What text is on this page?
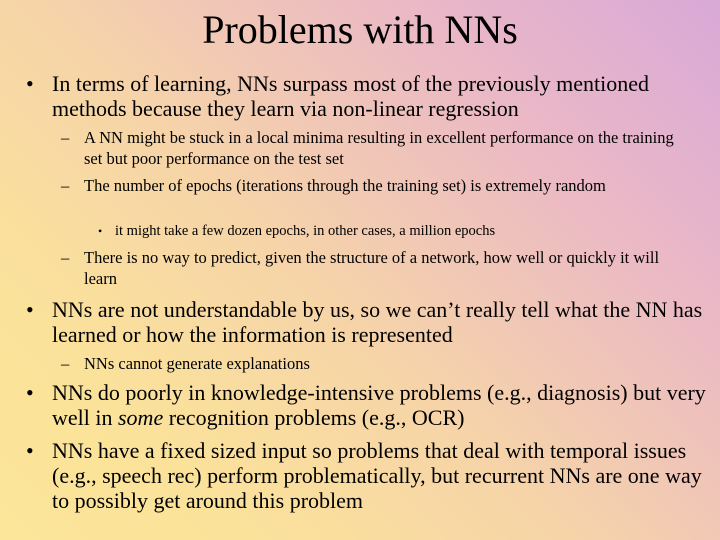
Problems with NNs
• In terms of learning, NNs surpass most of the previously mentioned methods because they learn via non-linear regression
– A NN might be stuck in a local minima resulting in excellent performance on the training set but poor performance on the test set
– The number of epochs (iterations through the training set) is extremely random
• it might take a few dozen epochs, in other cases, a million epochs
– There is no way to predict, given the structure of a network, how well or quickly it will learn
• NNs are not understandable by us, so we can’t really tell what the NN has learned or how the information is represented
– NNs cannot generate explanations
• NNs do poorly in knowledge-intensive problems (e.g., diagnosis) but very well in some recognition problems (e.g., OCR)
• NNs have a fixed sized input so problems that deal with temporal issues (e.g., speech rec) perform problematically, but recurrent NNs are one way to possibly get around this problem
